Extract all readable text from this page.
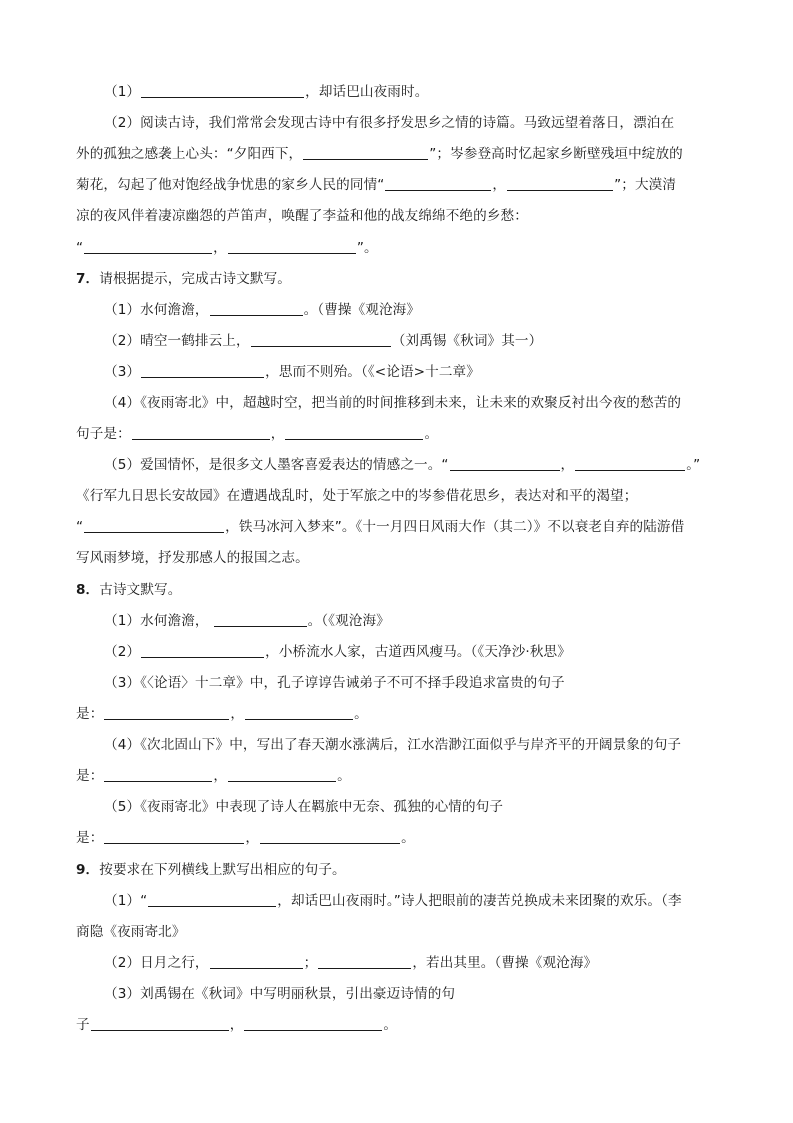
（1）	，却话巴山夜雨时。
（2）阅读古诗，我们常常会发现古诗中有很多抒发思乡之情的诗篇。马致远望着落日，漂泊在
外的孤独之感袭上心头：“夕阳西下，	”；岑参登高时忆起家乡断壁残垣中绽放的
菊花，勾起了他对饱经战争忧患的家乡人民的同情“	，	”；大漠清
凉的夜风伴着凄凉幽怨的芦笛声，唤醒了李益和他的战友绵绵不绝的乡愁：
“	，	”。
7．请根据提示，完成古诗文默写。
（1）水何澹澹，	。（曹操《观沧海》
（2）晴空一鹤排云上，	（刘禹锡《秋词》其一）
（3）	，思而不则殆。（《<论语>十二章》
（4）《夜雨寄北》中，超越时空，把当前的时间推移到未来，让未来的欢聚反衬出今夜的愁苦的
句子是：	，	。
（5）爱国情怀，是很多文人墨客喜爱表达的情感之一。“	，	。”
《行军九日思长安故园》在遭遇战乱时，处于军旅之中的岑参借花思乡，表达对和平的渴望；
“	，铁马冰河入梦来”。《十一月四日风雨大作（其二）》不以衰老自弃的陆游借
写风雨梦境，抒发那感人的报国之志。
8．古诗文默写。
（1）水何澹澹，	。（《观沧海》
（2）	，小桥流水人家，古道西风瘦马。（《天净沙·秋思》
（3）《〈论语〉十二章》中，孔子谆谆告诫弟子不可不择手段追求富贵的句子
是：	，	。
（4）《次北固山下》中，写出了春天潮水涨满后，江水浩渺江面似乎与岸齐平的开阔景象的句子
是：	，	。
（5）《夜雨寄北》中表现了诗人在羁旅中无奈、孤独的心情的句子
是：	，	。
9．按要求在下列横线上默写出相应的句子。
（1）“	，却话巴山夜雨时。”诗人把眼前的凄苦兑换成未来团聚的欢乐。（李
商隐《夜雨寄北》
（2）日月之行，	；	，若出其里。（曹操《观沧海》
（3）刘禹锡在《秋词》中写明丽秋景，引出豪迈诗情的句
子	，	。
